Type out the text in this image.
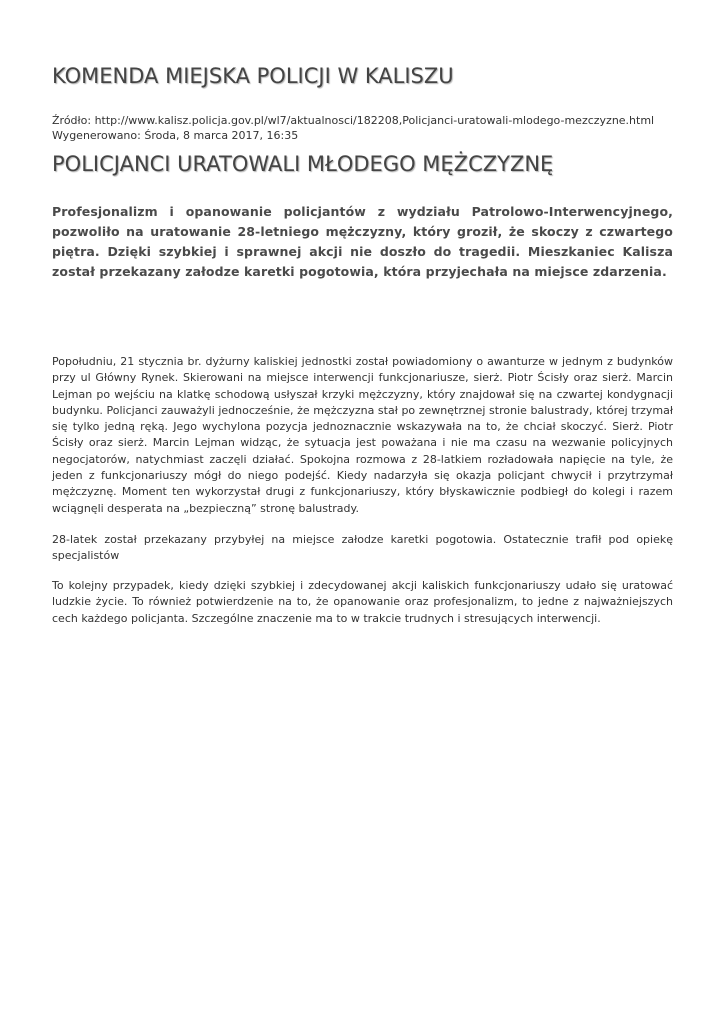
KOMENDA MIEJSKA POLICJI W KALISZU
Źródło: http://www.kalisz.policja.gov.pl/wl7/aktualnosci/182208,Policjanci-uratowali-mlodego-mezczyzne.html
Wygenerowano: Środa, 8 marca 2017, 16:35
POLICJANCI URATOWALI MŁODEGO MĘŻCZYZNĘ

Profesjonalizm i opanowanie policjantów z wydziału Patrolowo-Interwencyjnego, pozwoliło na uratowanie 28-letniego mężczyzny, który groził, że skoczy z czwartego piętra. Dzięki szybkiej i sprawnej akcji nie doszło do tragedii. Mieszkaniec Kalisza został przekazany załodze karetki pogotowia, która przyjechała na miejsce zdarzenia.

Popołudniu, 21 stycznia br. dyżurny kaliskiej jednostki został powiadomiony o awanturze w jednym z budynków przy ul Główny Rynek. Skierowani na miejsce interwencji funkcjonariusze, sierż. Piotr Ścisły oraz sierż. Marcin Lejman po wejściu na klatkę schodową usłyszał krzyki mężczyzny, który znajdował się na czwartej kondygnacji budynku. Policjanci zauważyli jednocześnie, że mężczyzna stał po zewnętrznej stronie balustrady, której trzymał się tylko jedną ręką. Jego wychylona pozycja jednoznacznie wskazywała na to, że chciał skoczyć. Sierż. Piotr Ścisły oraz sierż. Marcin Lejman widząc, że sytuacja jest poważana i nie ma czasu na wezwanie policyjnych negocjatorów, natychmiast zaczęli działać. Spokojna rozmowa z 28-latkiem rozładowała napięcie na tyle, że jeden z funkcjonariuszy mógł do niego podejść. Kiedy nadarzyła się okazja policjant chwycił i przytrzymał mężczyznę. Moment ten wykorzystał drugi z funkcjonariuszy, który błyskawicznie podbiegł do kolegi i razem wciągnęli desperata na „bezpieczną” stronę balustrady.

28-latek został przekazany przybyłej na miejsce załodze karetki pogotowia. Ostatecznie trafił pod opiekę specjalistów

To kolejny przypadek, kiedy dzięki szybkiej i zdecydowanej akcji kaliskich funkcjonariuszy udało się uratować ludzkie życie. To również potwierdzenie na to, że opanowanie oraz profesjonalizm, to jedne z najważniejszych cech każdego policjanta. Szczególne znaczenie ma to w trakcie trudnych i stresujących interwencji.
